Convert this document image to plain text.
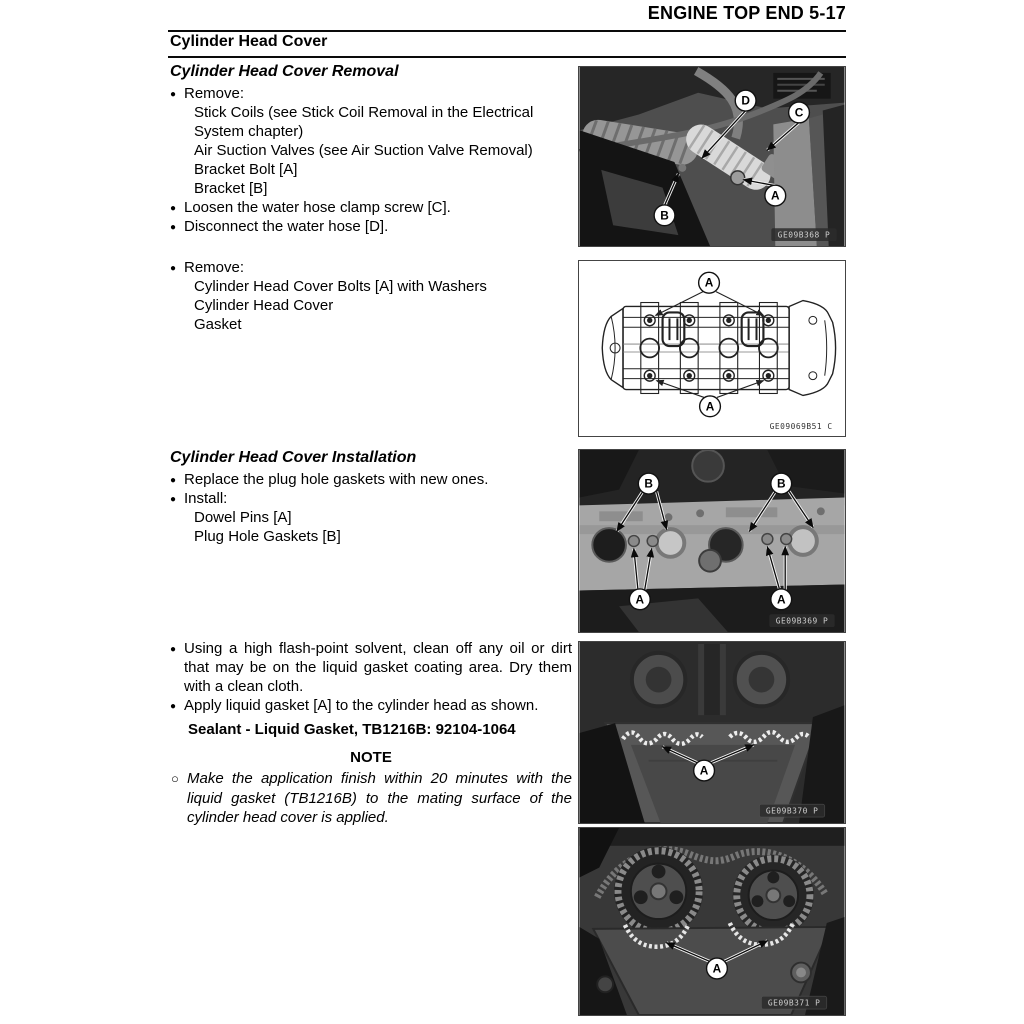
ENGINE TOP END 5-17
Cylinder Head Cover
Cylinder Head Cover Removal
● Remove:
Stick Coils (see Stick Coil Removal in the Electrical System chapter)
Air Suction Valves (see Air Suction Valve Removal)
Bracket Bolt [A]
Bracket [B]
● Loosen the water hose clamp screw [C].
● Disconnect the water hose [D].
● Remove:
Cylinder Head Cover Bolts [A] with Washers
Cylinder Head Cover
Gasket
Cylinder Head Cover Installation
● Replace the plug hole gaskets with new ones.
● Install:
Dowel Pins [A]
Plug Hole Gaskets [B]
● Using a high flash-point solvent, clean off any oil or dirt that may be on the liquid gasket coating area. Dry them with a clean cloth.
● Apply liquid gasket [A] to the cylinder head as shown.
Sealant - Liquid Gasket, TB1216B: 92104-1064
NOTE
○ Make the application finish within 20 minutes with the liquid gasket (TB1216B) to the mating surface of the cylinder head cover is applied.
D
C
A
B
GE09B368 P
A
A
GE09069B51 C
B	B
A	A
GE09B369 P
A
GE09B370 P
A
GE09B371 P
